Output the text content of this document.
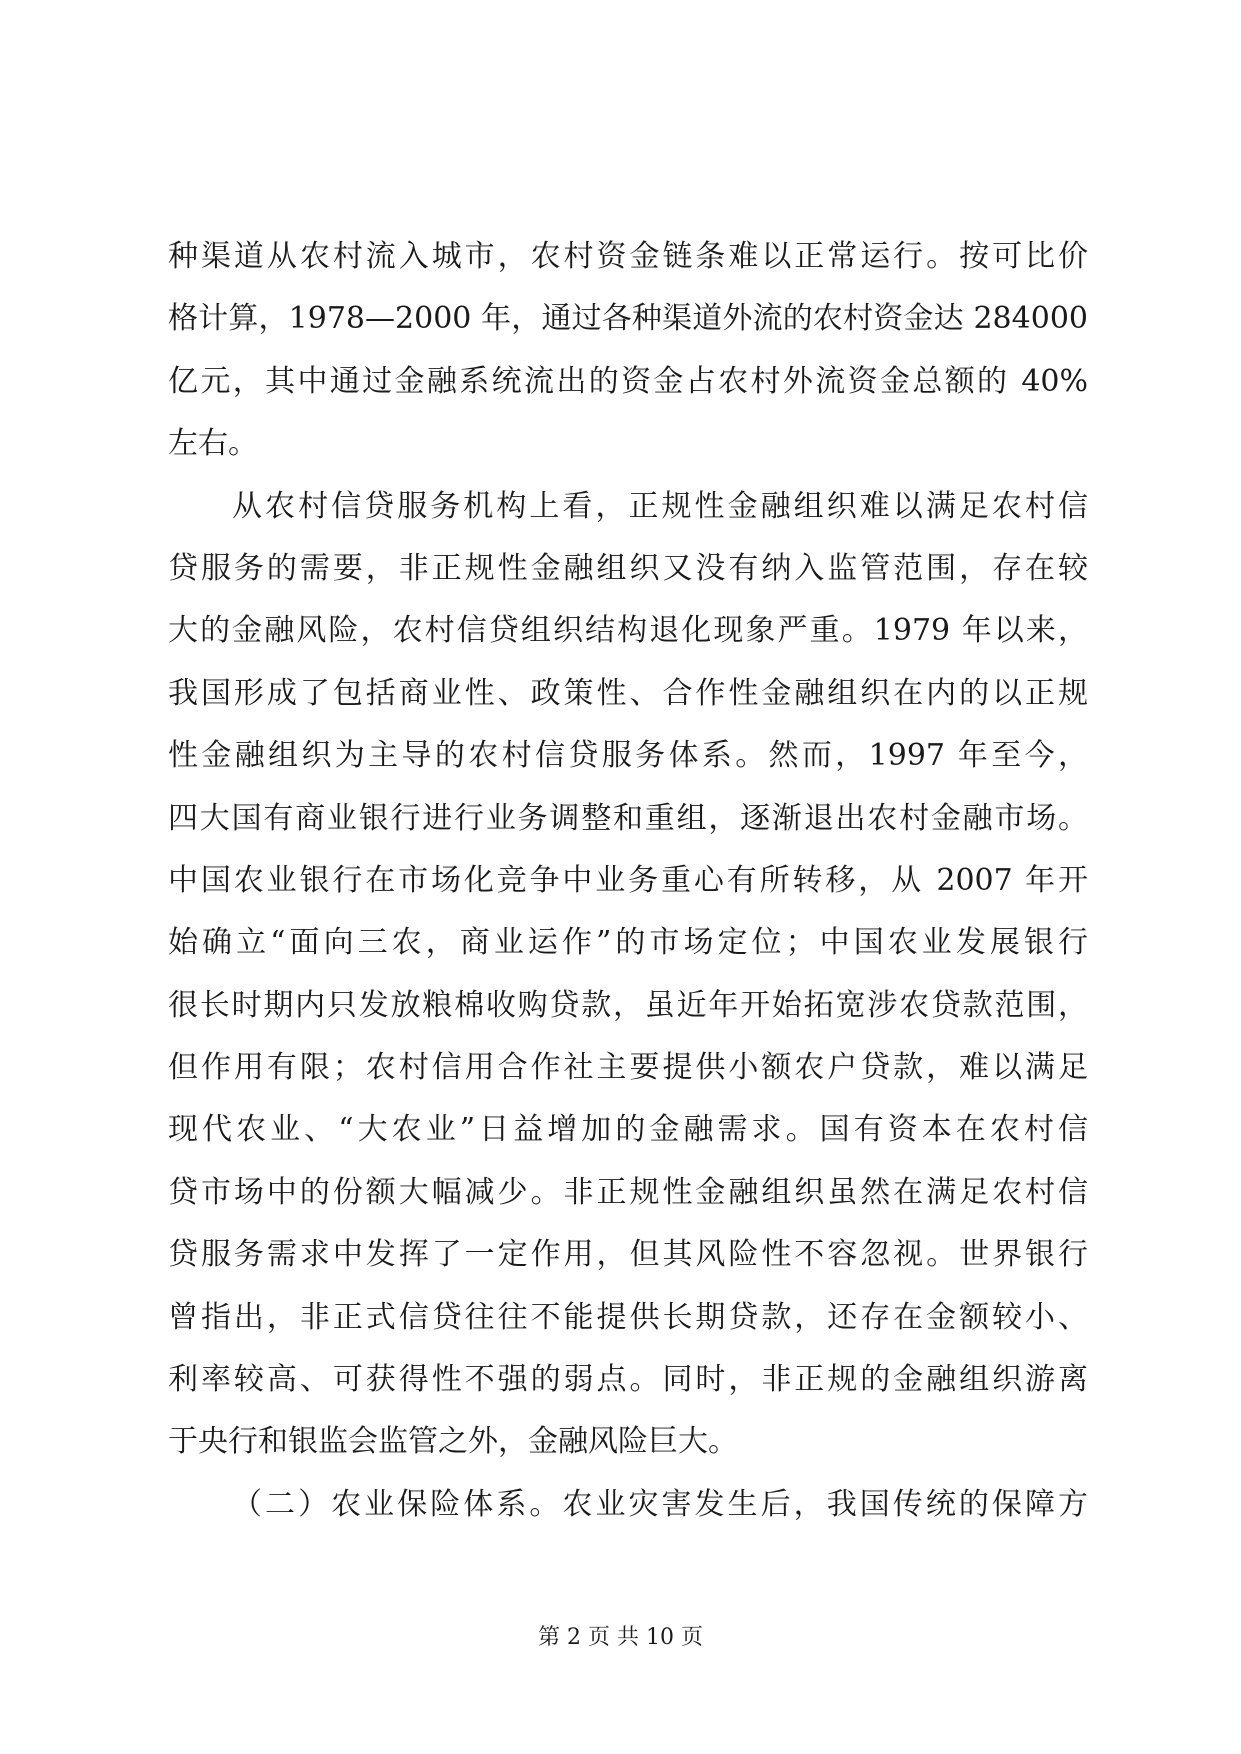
种渠道从农村流入城市，农村资金链条难以正常运行。按可比价
格计算，1978—2000 年，通过各种渠道外流的农村资金达 284000
亿元，其中通过金融系统流出的资金占农村外流资金总额的 40%
左右。
从农村信贷服务机构上看，正规性金融组织难以满足农村信
贷服务的需要，非正规性金融组织又没有纳入监管范围，存在较
大的金融风险，农村信贷组织结构退化现象严重。1979 年以来，
我国形成了包括商业性、政策性、合作性金融组织在内的以正规
性金融组织为主导的农村信贷服务体系。然而，1997 年至今，
四大国有商业银行进行业务调整和重组，逐渐退出农村金融市场。
中国农业银行在市场化竞争中业务重心有所转移，从 2007 年开
始确立“面向三农，商业运作”的市场定位；中国农业发展银行
很长时期内只发放粮棉收购贷款，虽近年开始拓宽涉农贷款范围，
但作用有限；农村信用合作社主要提供小额农户贷款，难以满足
现代农业、“大农业”日益增加的金融需求。国有资本在农村信
贷市场中的份额大幅减少。非正规性金融组织虽然在满足农村信
贷服务需求中发挥了一定作用，但其风险性不容忽视。世界银行
曾指出，非正式信贷往往不能提供长期贷款，还存在金额较小、
利率较高、可获得性不强的弱点。同时，非正规的金融组织游离
于央行和银监会监管之外，金融风险巨大。
（二）农业保险体系。农业灾害发生后，我国传统的保障方
第 2 页 共 10 页
